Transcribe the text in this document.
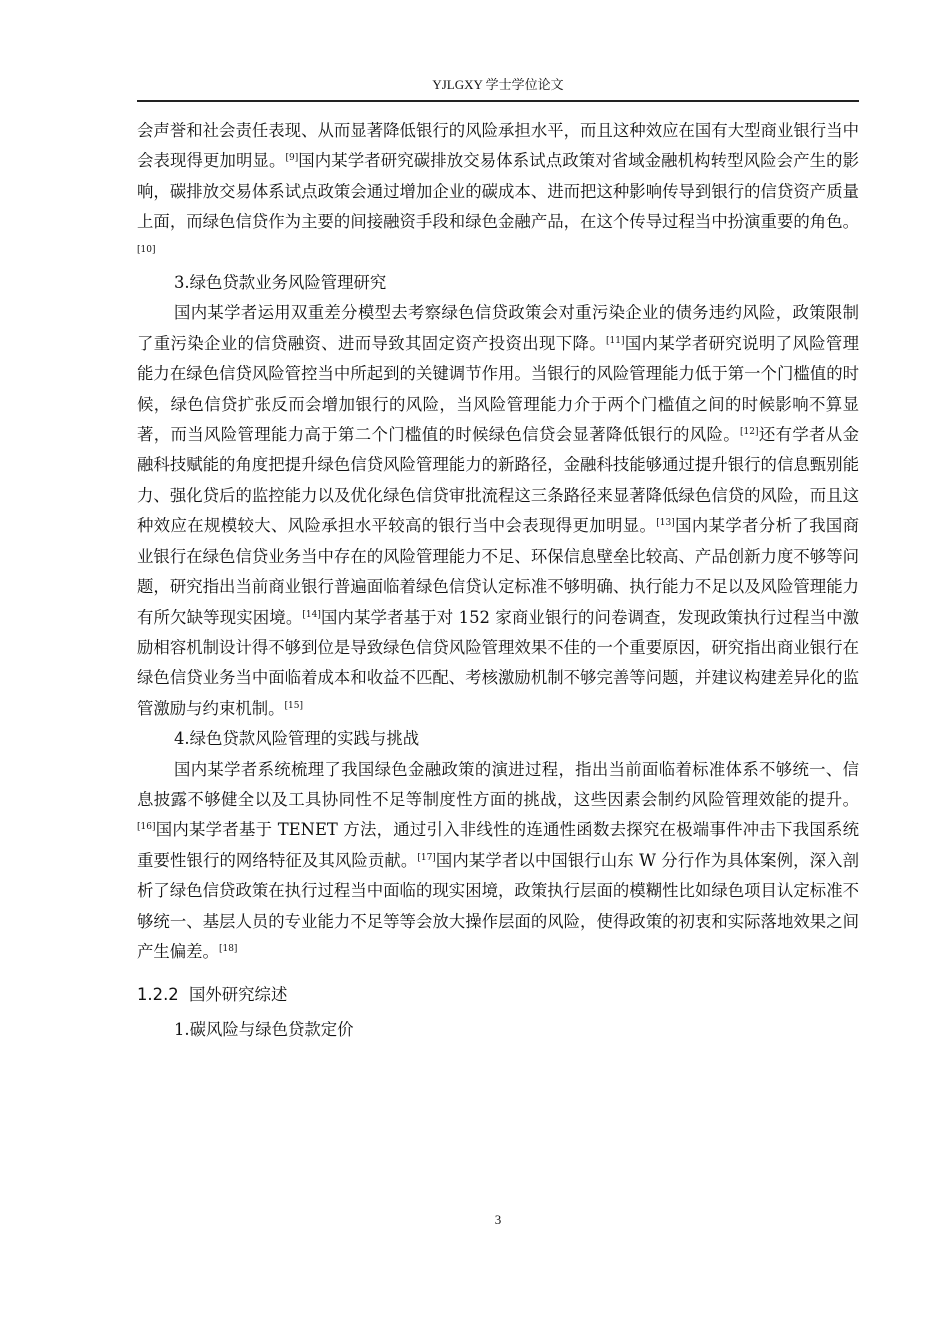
YJLGXY 学士学位论文

会声誉和社会责任表现、从而显著降低银行的风险承担水平，而且这种效应在国有大型商业银行当中会表现得更加明显。[9]国内某学者研究碳排放交易体系试点政策对省域金融机构转型风险会产生的影响，碳排放交易体系试点政策会通过增加企业的碳成本、进而把这种影响传导到银行的信贷资产质量上面，而绿色信贷作为主要的间接融资手段和绿色金融产品，在这个传导过程当中扮演重要的角色。[10]

3.绿色贷款业务风险管理研究

国内某学者运用双重差分模型去考察绿色信贷政策会对重污染企业的债务违约风险，政策限制了重污染企业的信贷融资、进而导致其固定资产投资出现下降。[11]国内某学者研究说明了风险管理能力在绿色信贷风险管控当中所起到的关键调节作用。当银行的风险管理能力低于第一个门槛值的时候，绿色信贷扩张反而会增加银行的风险，当风险管理能力介于两个门槛值之间的时候影响不算显著，而当风险管理能力高于第二个门槛值的时候绿色信贷会显著降低银行的风险。[12]还有学者从金融科技赋能的角度把提升绿色信贷风险管理能力的新路径，金融科技能够通过提升银行的信息甄别能力、强化贷后的监控能力以及优化绿色信贷审批流程这三条路径来显著降低绿色信贷的风险，而且这种效应在规模较大、风险承担水平较高的银行当中会表现得更加明显。[13]国内某学者分析了我国商业银行在绿色信贷业务当中存在的风险管理能力不足、环保信息壁垒比较高、产品创新力度不够等问题，研究指出当前商业银行普遍面临着绿色信贷认定标准不够明确、执行能力不足以及风险管理能力有所欠缺等现实困境。[14]国内某学者基于对 152 家商业银行的问卷调查，发现政策执行过程当中激励相容机制设计得不够到位是导致绿色信贷风险管理效果不佳的一个重要原因，研究指出商业银行在绿色信贷业务当中面临着成本和收益不匹配、考核激励机制不够完善等问题，并建议构建差异化的监管激励与约束机制。[15]

4.绿色贷款风险管理的实践与挑战

国内某学者系统梳理了我国绿色金融政策的演进过程，指出当前面临着标准体系不够统一、信息披露不够健全以及工具协同性不足等制度性方面的挑战，这些因素会制约风险管理效能的提升。[16]国内某学者基于 TENET 方法，通过引入非线性的连通性函数去探究在极端事件冲击下我国系统重要性银行的网络特征及其风险贡献。[17]国内某学者以中国银行山东 W 分行作为具体案例，深入剖析了绿色信贷政策在执行过程当中面临的现实困境，政策执行层面的模糊性比如绿色项目认定标准不够统一、基层人员的专业能力不足等等会放大操作层面的风险，使得政策的初衷和实际落地效果之间产生偏差。[18]

1.2.2 国外研究综述

1.碳风险与绿色贷款定价

3
